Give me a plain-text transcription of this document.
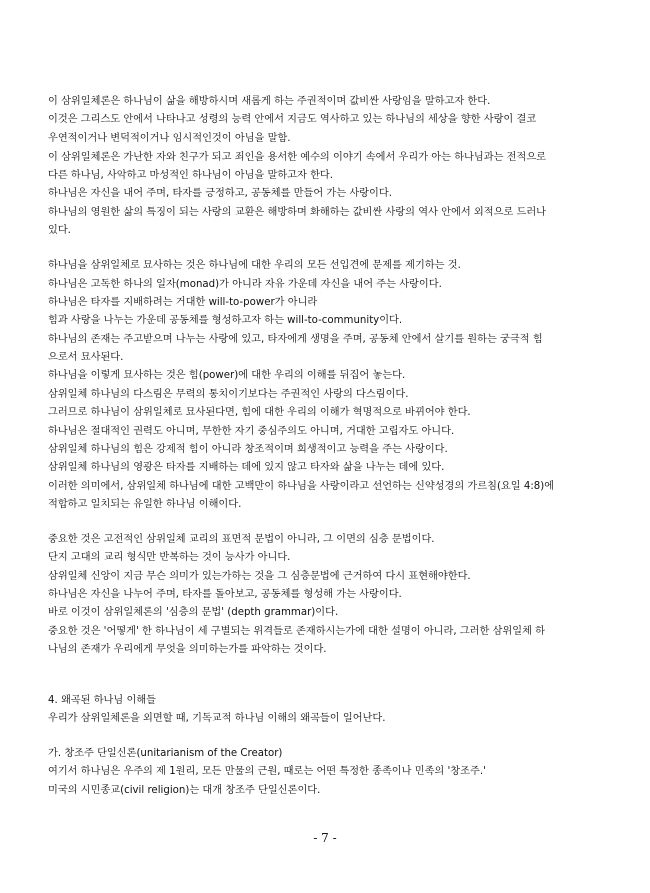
이 삼위일체론은 하나님이 삶을 해방하시며 새롭게 하는 주권적이며 값비싼 사랑임을 말하고자 한다.
이것은 그리스도 안에서 나타나고 성령의 능력 안에서 지금도 역사하고 있는 하나님의 세상을 향한 사랑이 결코
우연적이거나 변덕적이거나 임시적인것이 아님을 말함.
이 삼위일체론은 가난한 자와 친구가 되고 죄인을 용서한 예수의 이야기 속에서 우리가 아는 하나님과는 전적으로
다른 하나님, 사악하고 마성적인 하나님이 아님을 말하고자 한다.
하나님은 자신을 내어 주며, 타자를 긍정하고, 공동체를 만들어 가는 사랑이다.
하나님의 영원한 삶의 특징이 되는 사랑의 교환은 해방하며 화해하는 값비싼 사랑의 역사 안에서 외적으로 드러나
있다.
하나님을 삼위일체로 묘사하는 것은 하나님에 대한 우리의 모든 선입견에 문제를 제기하는 것.
하나님은 고독한 하나의 일자(monad)가 아니라 자유 가운데 자신을 내어 주는 사랑이다.
하나님은 타자를 지배하려는 거대한 will-to-power가 아니라
힘과 사랑을 나누는 가운데 공동체를 형성하고자 하는 will-to-community이다.
하나님의 존재는 주고받으며 나누는 사랑에 있고, 타자에게 생명을 주며, 공동체 안에서 살기를 원하는 궁극적 힘
으로서 묘사된다.
하나님을 이렇게 묘사하는 것은 힘(power)에 대한 우리의 이해를 뒤집어 놓는다.
삼위일체 하나님의 다스림은 무력의 통치이기보다는 주권적인 사랑의 다스림이다.
그러므로 하나님이 삼위일체로 묘사된다면, 힘에 대한 우리의 이해가 혁명적으로 바뀌어야 한다.
하나님은 절대적인 권력도 아니며, 무한한 자기 중심주의도 아니며, 거대한 고립자도 아니다.
삼위일체 하나님의 힘은 강제적 힘이 아니라 창조적이며 희생적이고 능력을 주는 사랑이다.
삼위일체 하나님의 영광은 타자를 지배하는 데에 있지 않고 타자와 삶을 나누는 데에 있다.
이러한 의미에서, 삼위일체 하나님에 대한 고백만이 하나님을 사랑이라고 선언하는 신약성경의 가르침(요일 4:8)에
적합하고 일치되는 유일한 하나님 이해이다.
중요한 것은 고전적인 삼위일체 교리의 표면적 문법이 아니라, 그 이면의 심층 문법이다.
단지 고대의 교리 형식만 반복하는 것이 능사가 아니다.
삼위일체 신앙이 지금 무슨 의미가 있는가하는 것을 그 심층문법에 근거하여 다시 표현해야한다.
하나님은 자신을 나누어 주며, 타자를 돌아보고, 공동체를 형성해 가는 사랑이다.
바로 이것이 삼위일체론의 '심층의 문법' (depth grammar)이다.
중요한 것은 '어떻게' 한 하나님이 세 구별되는 위격들로 존재하시는가에 대한 설명이 아니라, 그러한 삼위일체 하
나님의 존재가 우리에게 무엇을 의미하는가를 파악하는 것이다.
4. 왜곡된 하나님 이해들
우리가 삼위일체론을 외면할 때, 기독교적 하나님 이해의 왜곡들이 일어난다.
가. 창조주 단일신론(unitarianism of the Creator)
여기서 하나님은 우주의 제 1원리, 모든 만물의 근원, 때로는 어떤 특정한 종족이나 민족의 '창조주.'
미국의 시민종교(civil religion)는 대개 창조주 단일신론이다.
- 7 -
